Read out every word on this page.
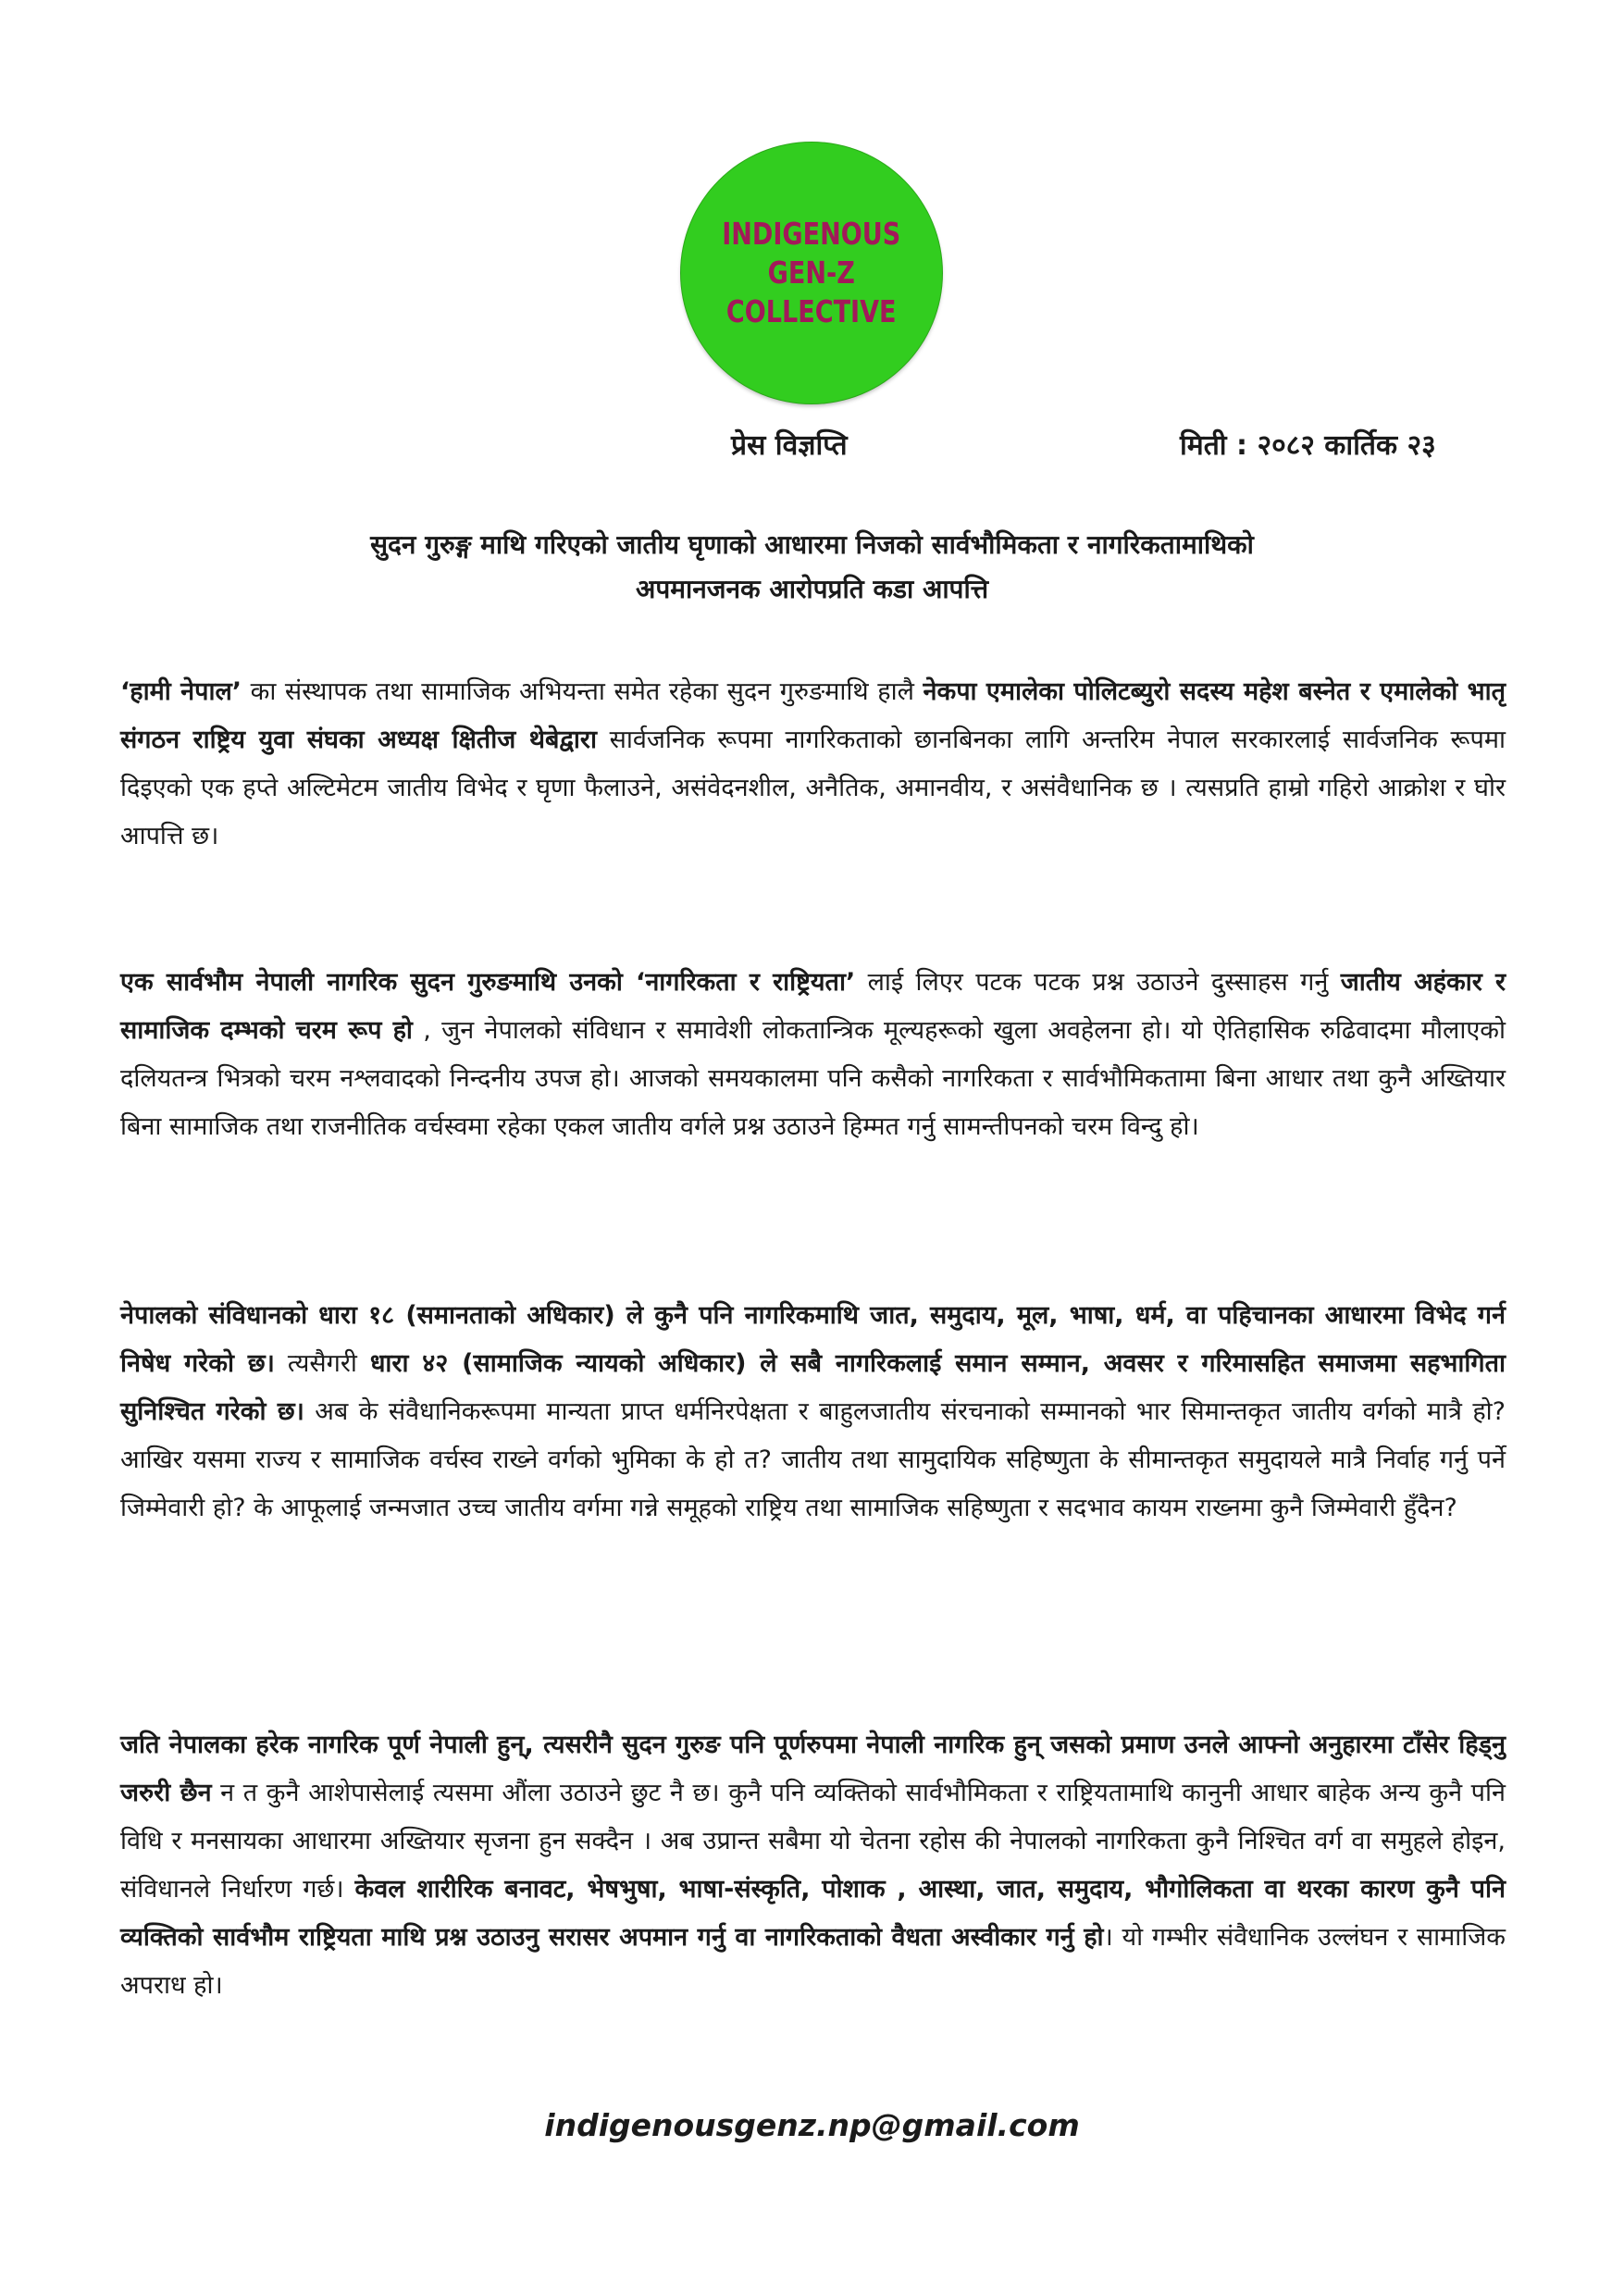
INDIGENOUS
GEN-Z
COLLECTIVE
प्रेस विज्ञप्ति	मिती : २०८२ कार्तिक २३
सुदन गुरुङ्ग माथि गरिएको जातीय घृणाको आधारमा निजको सार्वभौमिकता र नागरिकतामाथिको
अपमानजनक आरोपप्रति कडा आपत्ति
‘हामी नेपाल’ का संस्थापक तथा सामाजिक अभियन्ता समेत रहेका सुदन गुरुङमाथि हालै नेकपा एमालेका पोलिटब्युरो सदस्य महेश बस्नेत र एमालेको भातृ संगठन राष्ट्रिय युवा संघका अध्यक्ष क्षितीज थेबेद्वारा सार्वजनिक रूपमा नागरिकताको छानबिनका लागि अन्तरिम नेपाल सरकारलाई सार्वजनिक रूपमा दिइएको एक हप्ते अल्टिमेटम जातीय विभेद र घृणा फैलाउने, असंवेदनशील, अनैतिक, अमानवीय, र असंवैधानिक छ । त्यसप्रति हाम्रो गहिरो आक्रोश र घोर आपत्ति छ।
एक सार्वभौम नेपाली नागरिक सुदन गुरुङमाथि उनको ‘नागरिकता र राष्ट्रियता’ लाई लिएर पटक पटक प्रश्न उठाउने दुस्साहस गर्नु जातीय अहंकार र सामाजिक दम्भको चरम रूप हो , जुन नेपालको संविधान र समावेशी लोकतान्त्रिक मूल्यहरूको खुला अवहेलना हो। यो ऐतिहासिक रुढिवादमा मौलाएको दलियतन्त्र भित्रको चरम नश्लवादको निन्दनीय उपज हो। आजको समयकालमा पनि कसैको नागरिकता र सार्वभौमिकतामा बिना आधार तथा कुनै अख्तियार बिना सामाजिक तथा राजनीतिक वर्चस्वमा रहेका एकल जातीय वर्गले प्रश्न उठाउने हिम्मत गर्नु सामन्तीपनको चरम विन्दु हो।
नेपालको संविधानको धारा १८ (समानताको अधिकार) ले कुनै पनि नागरिकमाथि जात, समुदाय, मूल, भाषा, धर्म, वा पहिचानका आधारमा विभेद गर्न निषेध गरेको छ। त्यसैगरी धारा ४२ (सामाजिक न्यायको अधिकार) ले सबै नागरिकलाई समान सम्मान, अवसर र गरिमासहित समाजमा सहभागिता सुनिश्चित गरेको छ। अब के संवैधानिकरूपमा मान्यता प्राप्त धर्मनिरपेक्षता र बाहुलजातीय संरचनाको सम्मानको भार सिमान्तकृत जातीय वर्गको मात्रै हो? आखिर यसमा राज्य र सामाजिक वर्चस्व राख्ने वर्गको भुमिका के हो त? जातीय तथा सामुदायिक सहिष्णुता के सीमान्तकृत समुदायले मात्रै निर्वाह गर्नु पर्ने जिम्मेवारी हो? के आफूलाई जन्मजात उच्च जातीय वर्गमा गन्ने समूहको राष्ट्रिय तथा सामाजिक सहिष्णुता र सदभाव कायम राख्नमा कुनै जिम्मेवारी हुँदैन?
जति नेपालका हरेक नागरिक पूर्ण नेपाली हुन्, त्यसरीनै सुदन गुरुङ पनि पूर्णरुपमा नेपाली नागरिक हुन् जसको प्रमाण उनले आफ्नो अनुहारमा टाँसेर हिड्नु जरुरी छैन न त कुनै आशेपासेलाई त्यसमा औंला उठाउने छुट नै छ। कुनै पनि व्यक्तिको सार्वभौमिकता र राष्ट्रियतामाथि कानुनी आधार बाहेक अन्य कुनै पनि विधि र मनसायका आधारमा अख्तियार सृजना हुन सक्दैन । अब उप्रान्त सबैमा यो चेतना रहोस की नेपालको नागरिकता कुनै निश्चित वर्ग वा समुहले होइन, संविधानले निर्धारण गर्छ। केवल शारीरिक बनावट, भेषभुषा, भाषा-संस्कृति, पोशाक , आस्था, जात, समुदाय, भौगोलिकता वा थरका कारण कुनै पनि व्यक्तिको सार्वभौम राष्ट्रियता माथि प्रश्न उठाउनु सरासर अपमान गर्नु वा नागरिकताको वैधता अस्वीकार गर्नु हो। यो गम्भीर संवैधानिक उल्लंघन र सामाजिक अपराध हो।
indigenousgenz.np@gmail.com
